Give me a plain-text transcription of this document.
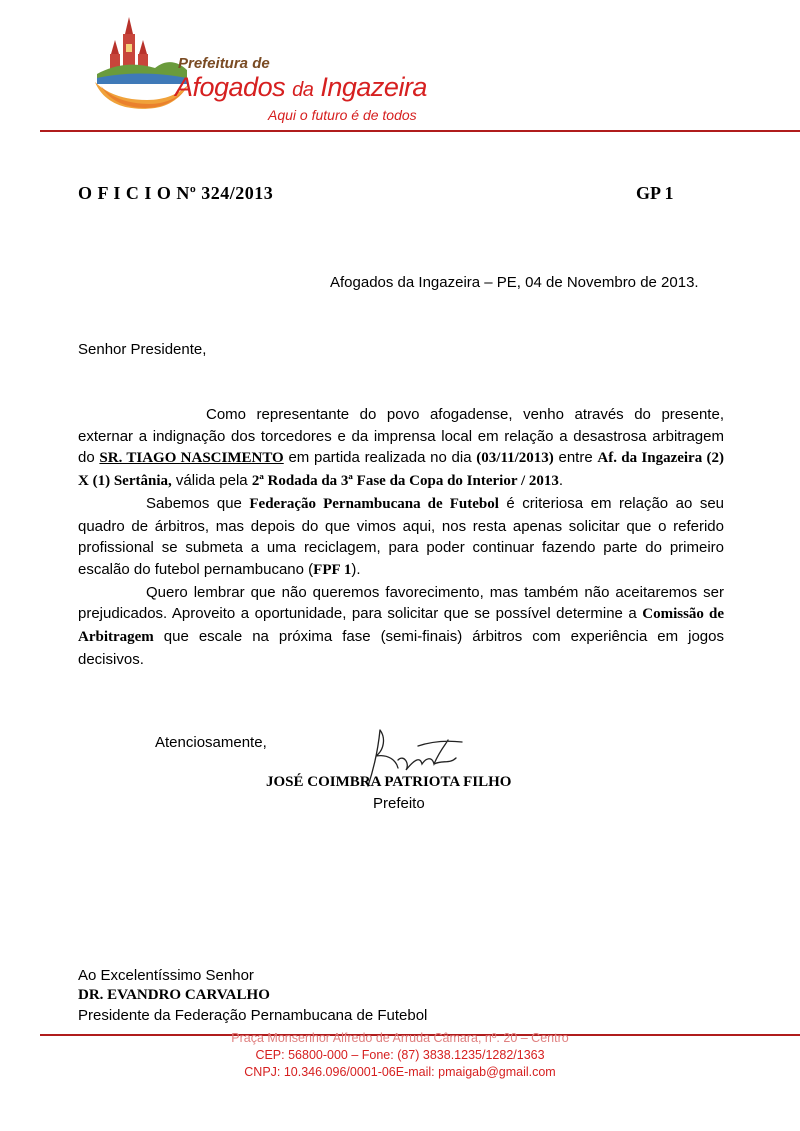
Prefeitura de
Afogados da Ingazeira
Aqui o futuro é de todos
O F I C I O Nº 324/2013	GP 1
Afogados da Ingazeira – PE, 04 de Novembro de 2013.
Senhor Presidente,

Como representante do povo afogadense, venho através do presente, externar a indignação dos torcedores e da imprensa local em relação a desastrosa arbitragem do SR. TIAGO NASCIMENTO em partida realizada no dia (03/11/2013) entre Af. da Ingazeira (2) X (1) Sertânia, válida pela 2ª Rodada da 3ª Fase da Copa do Interior / 2013.

Sabemos que Federação Pernambucana de Futebol é criteriosa em relação ao seu quadro de árbitros, mas depois do que vimos aqui, nos resta apenas solicitar que o referido profissional se submeta a uma reciclagem, para poder continuar fazendo parte do primeiro escalão do futebol pernambucano (FPF 1).

Quero lembrar que não queremos favorecimento, mas também não aceitaremos ser prejudicados. Aproveito a oportunidade, para solicitar que se possível determine a Comissão de Arbitragem que escale na próxima fase (semi-finais) árbitros com experiência em jogos decisivos.

Atenciosamente,
JOSÉ COIMBRA PATRIOTA FILHO
Prefeito
Ao Excelentíssimo Senhor
DR. EVANDRO CARVALHO
Presidente da Federação Pernambucana de Futebol
Praça Monsenhor Alfredo de Arruda Câmara, nº. 20 – Centro
CEP: 56800-000 – Fone: (87) 3838.1235/1282/1363
CNPJ: 10.346.096/0001-06E-mail: pmaigab@gmail.com
